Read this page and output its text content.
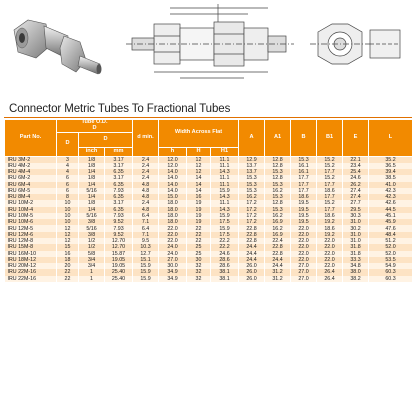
Connector Metric Tubes To Fractional Tubes
Part No.	Tube O.D.
D			d min.	Width Across Flat			A	A1	B	B1	E	L
	D	D											
		inch	mm		h	H	H1						
IRU 3M-2	3	1/8	3.17	2.4	12.0	12	11.1	12.9	12.8	15.3	15.2	22.1	35.2
IRU 4M-2	4	1/8	3.17	2.4	12.0	12	11.1	13.7	12.8	16.1	15.2	23.4	36.5
IRU 4M-4	4	1/4	6.35	2.4	14.0	12	14.3	13.7	15.3	16.1	17.7	25.4	39.4
IRU 6M-2	6	1/8	3.17	2.4	14.0	14	11.1	15.3	12.8	17.7	15.2	24.6	38.5
IRU 6M-4	6	1/4	6.35	4.8	14.0	14	11.1	15.3	15.3	17.7	17.7	26.2	41.0
IRU 6M-5	6	5/16	7.93	4.8	14.0	14	15.9	15.3	16.2	17.7	18.6	27.4	42.3
IRU 8M-4	8	1/4	6.35	4.8	15.0	16	14.3	16.2	15.3	18.6	17.7	27.4	42.3
IRU 10M-2	10	1/8	3.17	2.4	18.0	19	11.1	17.2	12.8	19.5	15.2	27.7	42.6
IRU 10M-4	10	1/4	6.35	4.8	18.0	19	14.3	17.2	15.3	19.5	17.7	29.5	44.5
IRU 10M-5	10	5/16	7.93	6.4	18.0	19	15.9	17.2	16.2	19.5	18.6	30.3	45.1
IRU 10M-6	10	3/8	9.52	7.1	18.0	19	17.5	17.2	16.9	19.5	19.2	31.0	45.9
IRU 12M-5	12	5/16	7.93	6.4	22.0	22	15.9	22.8	16.2	22.0	18.6	30.2	47.6
IRU 12M-6	12	3/8	9.52	7.1	22.0	22	17.5	22.8	16.9	22.0	19.2	31.0	48.4
IRU 12M-8	12	1/2	12.70	9.5	22.0	22	22.2	22.8	22.4	22.0	22.0	31.0	51.2
IRU 15M-8	15	1/2	12.70	10.3	24.0	25	22.2	24.4	22.8	22.0	22.0	31.8	52.0
IRU 16M-10	16	5/8	15.87	12.7	24.0	25	24.6	24.4	22.8	22.0	22.0	31.8	52.0
IRU 18M-12	18	3/4	19.05	15.1	27.0	30	28.6	24.4	24.4	22.0	22.0	33.3	53.5
IRU 20M-12	20	3/4	19.05	15.9	30.0	32	28.6	26.0	24.4	27.0	22.0	34.8	54.9
IRU 22M-16	22	1	25.40	15.9	34.9	32	38.1	26.0	31.2	27.0	26.4	38.0	60.3
IRU 22M-16	22	1	25.40	15.9	34.9	32	38.1	26.0	31.2	27.0	26.4	38.2	60.3
